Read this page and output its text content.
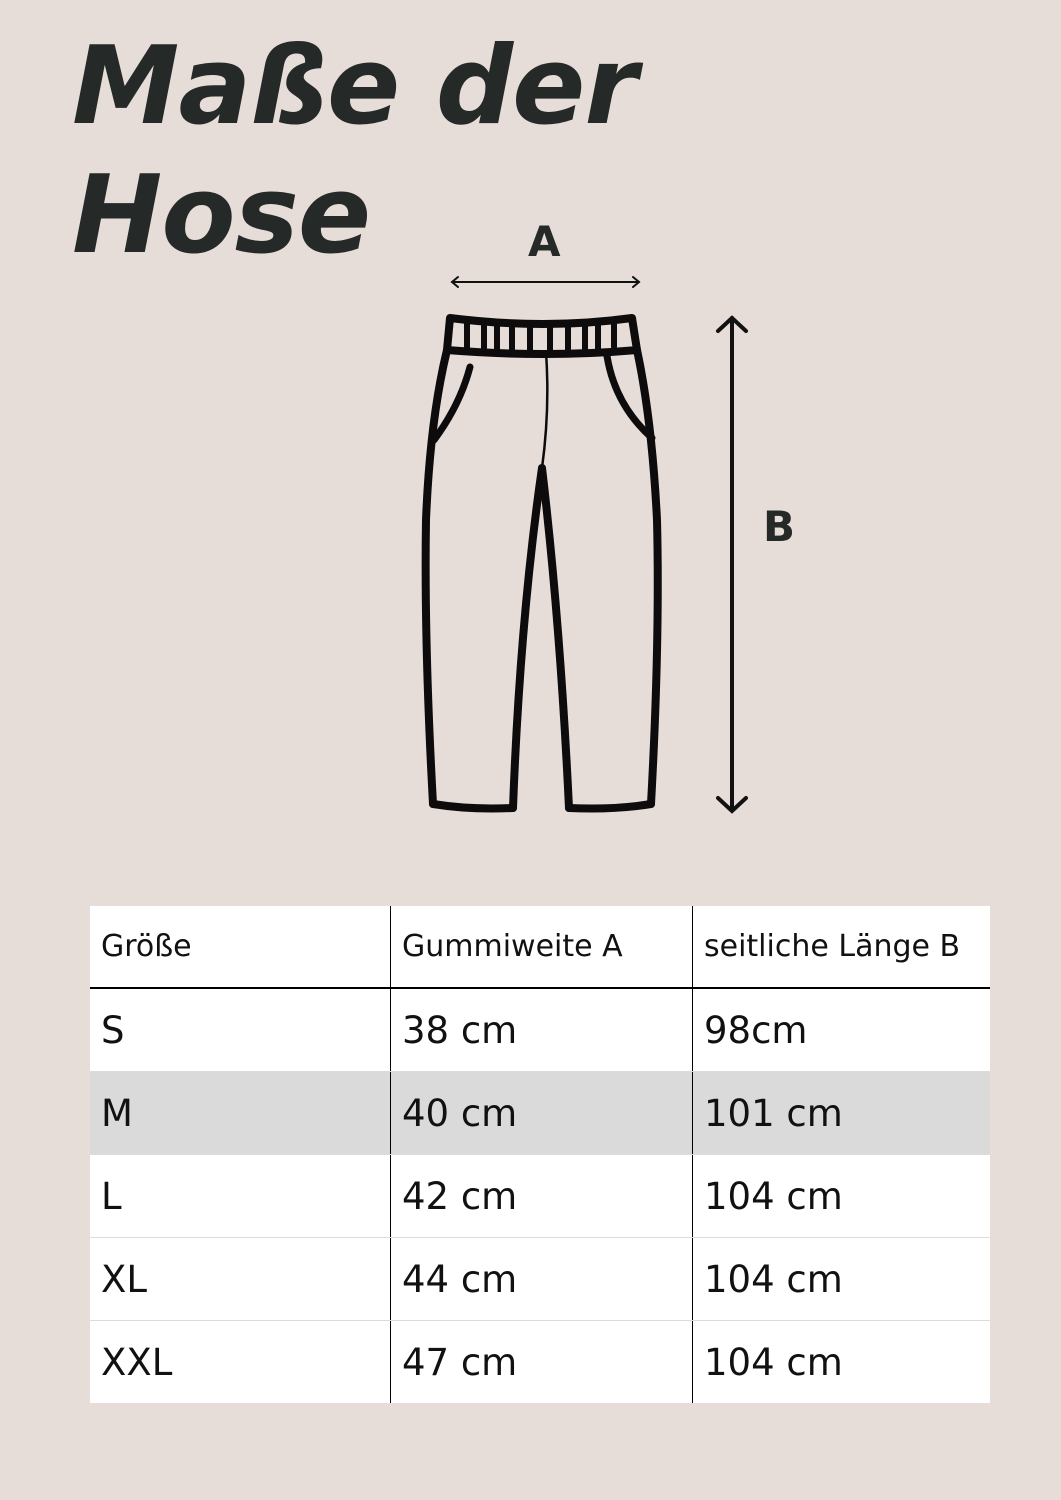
Maße der
Hose	A
B
Größe	Gummiweite A	seitliche Länge B
S	38 cm	98cm
M	40 cm	101 cm
L	42 cm	104 cm
XL	44 cm	104 cm
XXL	47 cm	104 cm
